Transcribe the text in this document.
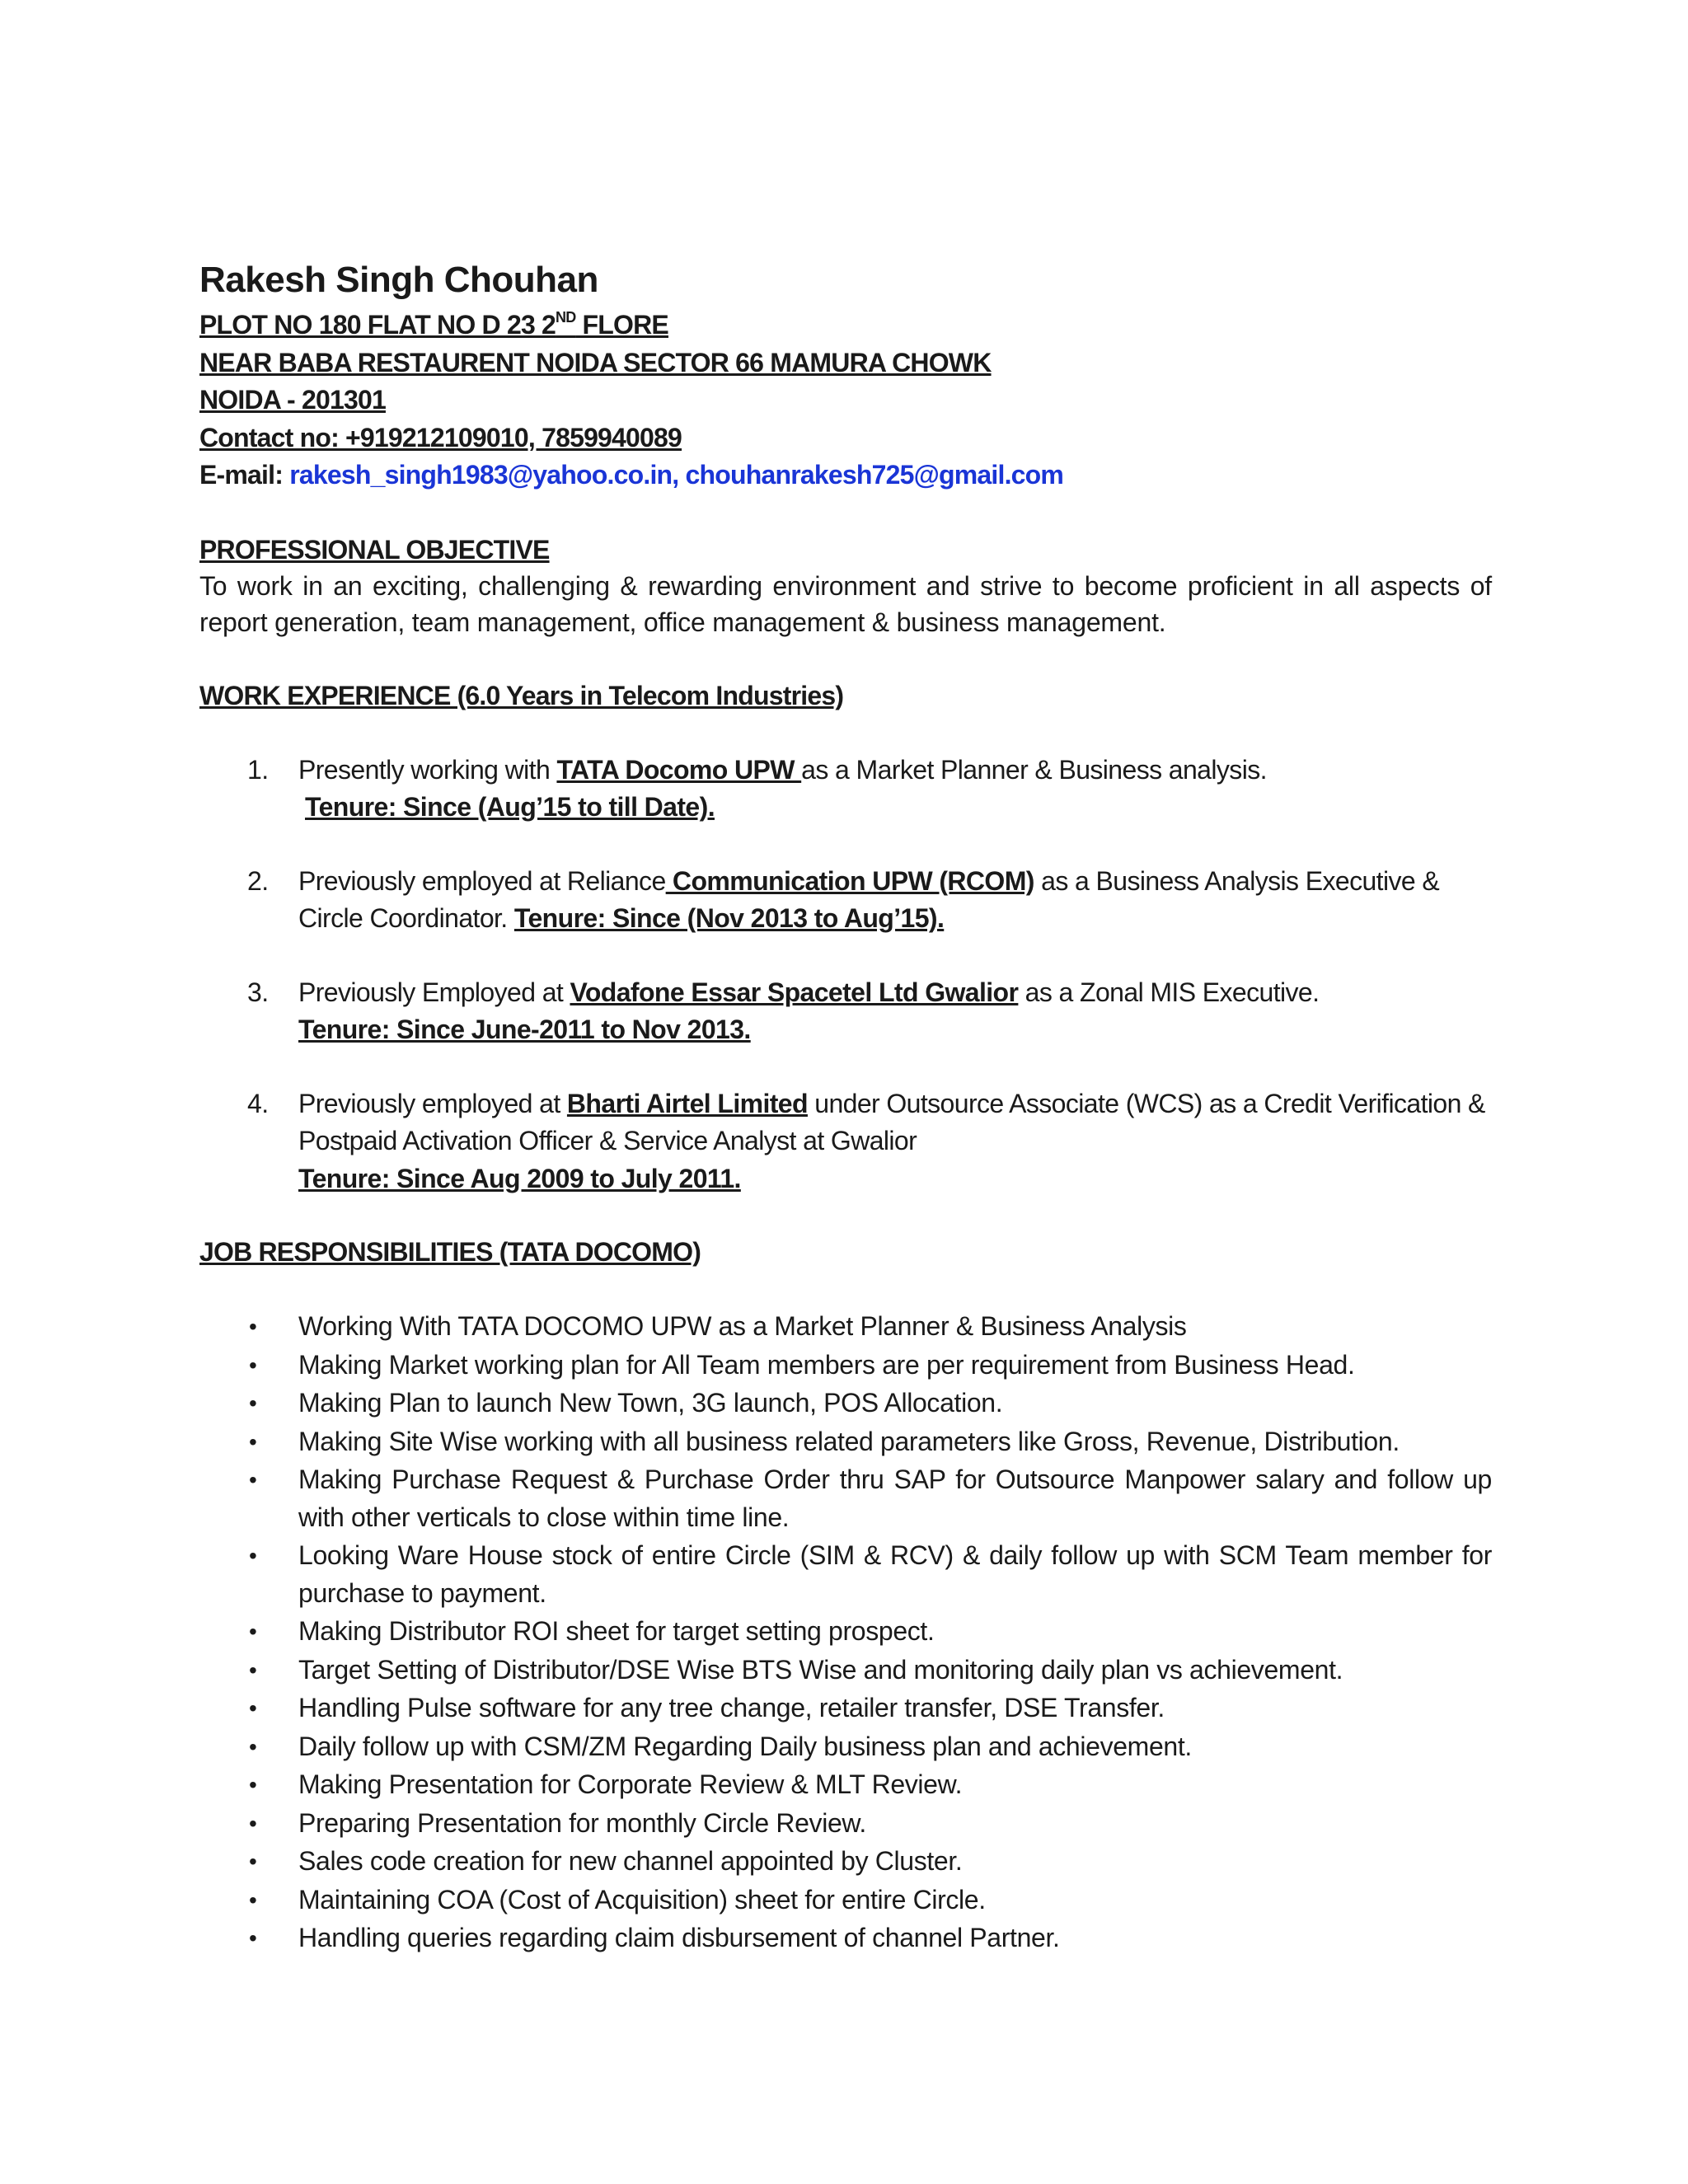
Rakesh Singh Chouhan
PLOT NO 180 FLAT NO D 23 2ND FLORE
NEAR BABA RESTAURENT NOIDA SECTOR 66 MAMURA CHOWK
NOIDA - 201301
Contact no: +919212109010, 7859940089
E-mail: rakesh_singh1983@yahoo.co.in, chouhanrakesh725@gmail.com
PROFESSIONAL OBJECTIVE

To work in an exciting, challenging & rewarding environment and strive to become proficient in all aspects of report generation, team management, office management & business management.

WORK EXPERIENCE (6.0 Years in Telecom Industries)
1. Presently working with TATA Docomo UPW as a Market Planner & Business analysis.
Tenure: Since (Aug’15 to till Date).
2. Previously employed at Reliance Communication UPW (RCOM) as a Business Analysis Executive & Circle Coordinator. Tenure: Since (Nov 2013 to Aug’15).
3. Previously Employed at Vodafone Essar Spacetel Ltd Gwalior as a Zonal MIS Executive.
Tenure: Since June-2011 to Nov 2013.
4. Previously employed at Bharti Airtel Limited under Outsource Associate (WCS) as a Credit Verification & Postpaid Activation Officer & Service Analyst at Gwalior
Tenure: Since Aug 2009 to July 2011.
JOB RESPONSIBILITIES (TATA DOCOMO)
• Working With TATA DOCOMO UPW as a Market Planner & Business Analysis
• Making Market working plan for All Team members are per requirement from Business Head.
• Making Plan to launch New Town, 3G launch, POS Allocation.
• Making Site Wise working with all business related parameters like Gross, Revenue, Distribution.
• Making Purchase Request & Purchase Order thru SAP for Outsource Manpower salary and follow up with other verticals to close within time line.
• Looking Ware House stock of entire Circle (SIM & RCV) & daily follow up with SCM Team member for purchase to payment.
• Making Distributor ROI sheet for target setting prospect.
• Target Setting of Distributor/DSE Wise BTS Wise and monitoring daily plan vs achievement.
• Handling Pulse software for any tree change, retailer transfer, DSE Transfer.
• Daily follow up with CSM/ZM Regarding Daily business plan and achievement.
• Making Presentation for Corporate Review & MLT Review.
• Preparing Presentation for monthly Circle Review.
• Sales code creation for new channel appointed by Cluster.
• Maintaining COA (Cost of Acquisition) sheet for entire Circle.
• Handling queries regarding claim disbursement of channel Partner.
